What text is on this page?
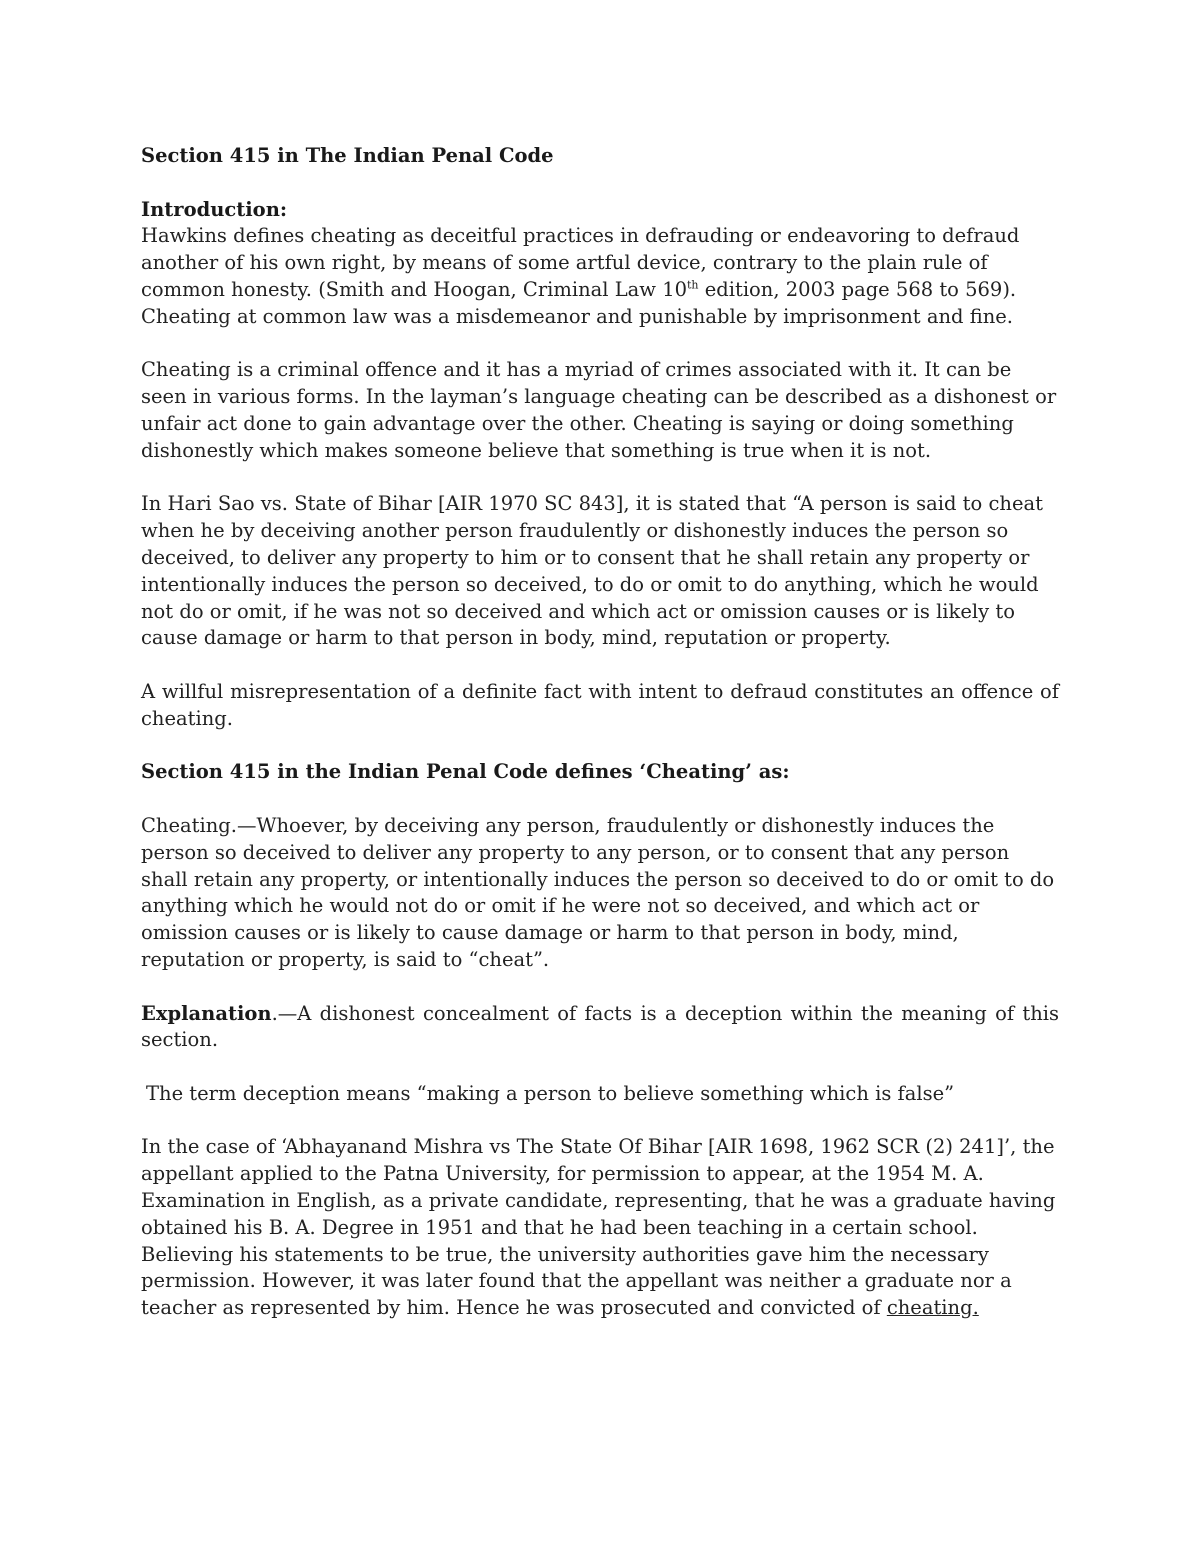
Section 415 in The Indian Penal Code

Introduction:

Hawkins defines cheating as deceitful practices in defrauding or endeavoring to defraud another of his own right, by means of some artful device, contrary to the plain rule of common honesty. (Smith and Hoogan, Criminal Law 10th edition, 2003 page 568 to 569). Cheating at common law was a misdemeanor and punishable by imprisonment and fine.

Cheating is a criminal offence and it has a myriad of crimes associated with it. It can be seen in various forms. In the layman’s language cheating can be described as a dishonest or unfair act done to gain advantage over the other. Cheating is saying or doing something dishonestly which makes someone believe that something is true when it is not.

In Hari Sao vs. State of Bihar [AIR 1970 SC 843], it is stated that “A person is said to cheat when he by deceiving another person fraudulently or dishonestly induces the person so deceived, to deliver any property to him or to consent that he shall retain any property or intentionally induces the person so deceived, to do or omit to do anything, which he would not do or omit, if he was not so deceived and which act or omission causes or is likely to cause damage or harm to that person in body, mind, reputation or property.

A willful misrepresentation of a definite fact with intent to defraud constitutes an offence of cheating.

Section 415 in the Indian Penal Code defines ‘Cheating’ as:

Cheating.—Whoever, by deceiving any person, fraudulently or dishonestly induces the person so deceived to deliver any property to any person, or to consent that any person shall retain any property, or intentionally induces the person so deceived to do or omit to do anything which he would not do or omit if he were not so deceived, and which act or omission causes or is likely to cause damage or harm to that person in body, mind, reputation or property, is said to “cheat”.

Explanation.—A dishonest concealment of facts is a deception within the meaning of this section.

The term deception means “making a person to believe something which is false”

In the case of ‘Abhayanand Mishra vs The State Of Bihar [AIR 1698, 1962 SCR (2) 241]’, the appellant applied to the Patna University, for permission to appear, at the 1954 M. A. Examination in English, as a private candidate, representing, that he was a graduate having obtained his B. A. Degree in 1951 and that he had been teaching in a certain school. Believing his statements to be true, the university authorities gave him the necessary permission. However, it was later found that the appellant was neither a graduate nor a teacher as represented by him. Hence he was prosecuted and convicted of cheating.
